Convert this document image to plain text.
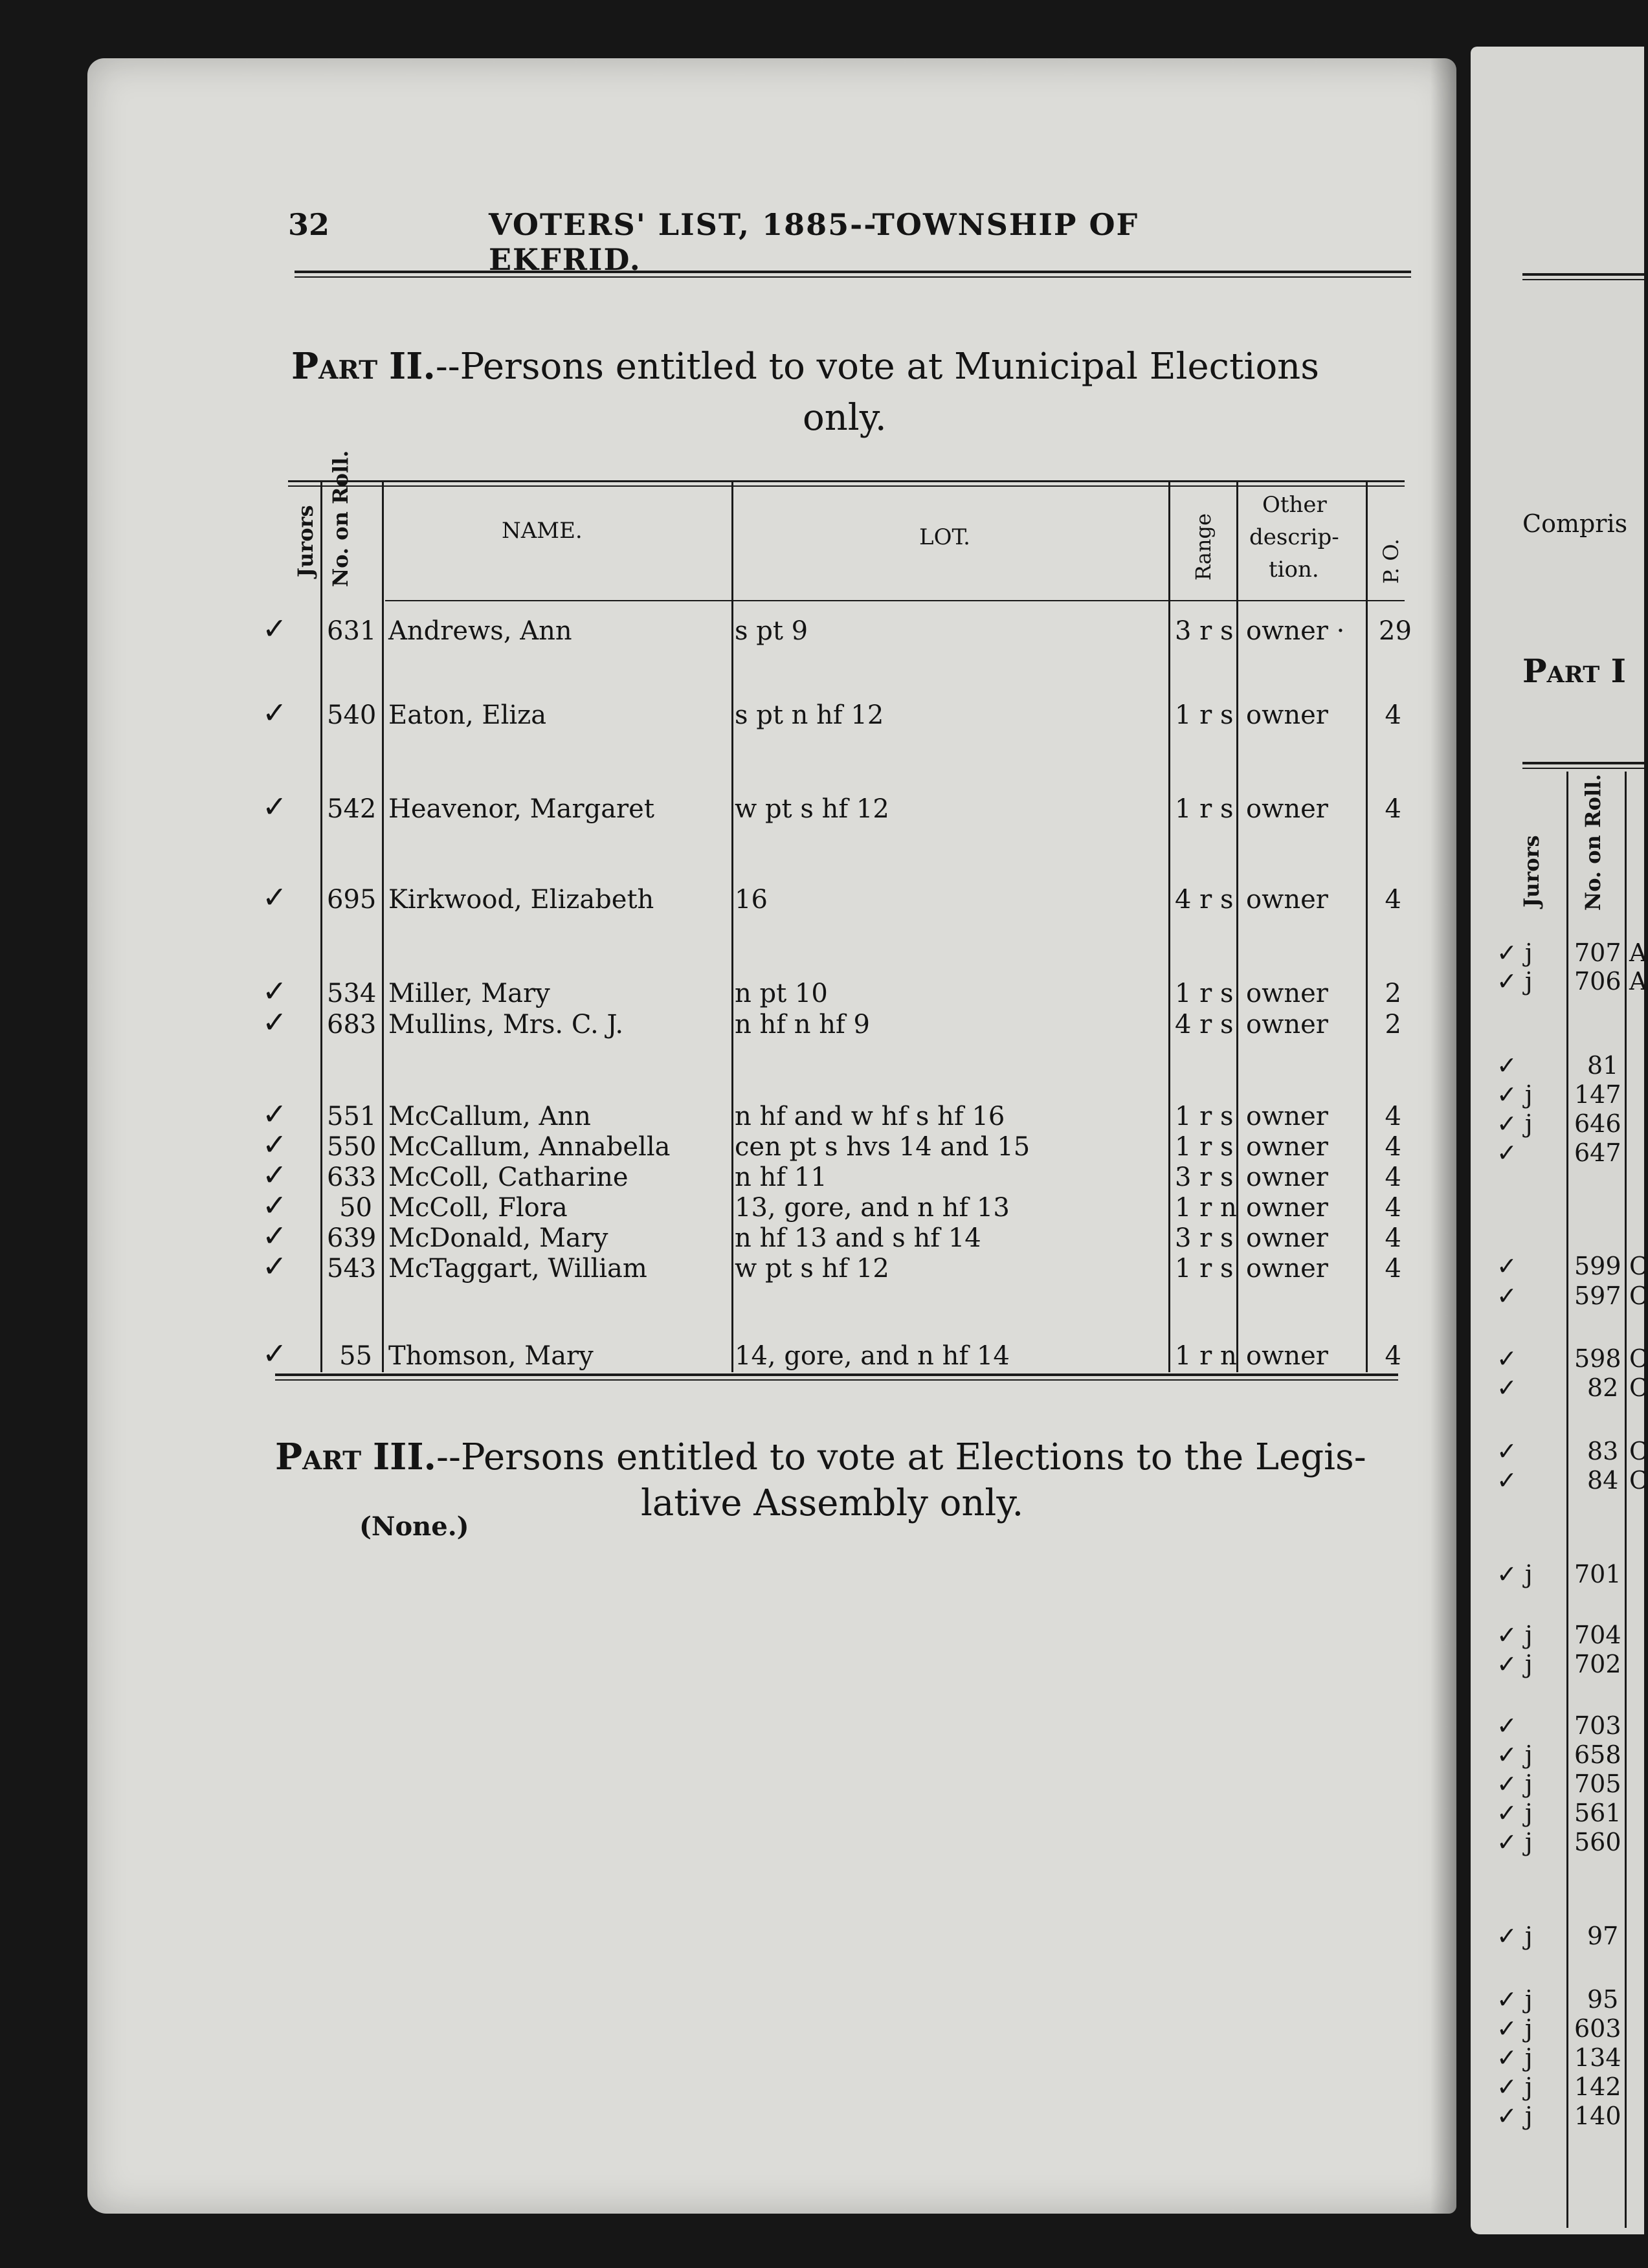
32	VOTERS' LIST, 1885--TOWNSHIP OF EKFRID.
Part II.--Persons entitled to vote at Municipal Elections
only.
Jurors No. on Roll.	NAME.	LOT.	Range
Other
descrip-
tion.	P. O.
✓ 631 Andrews, Ann	s pt 9	3 r s owner · 29
✓ 540 Eaton, Eliza	s pt n hf 12	1 r s owner 4
✓ 542 Heavenor, Margaret	w pt s hf 12	1 r s owner 4
✓ 695 Kirkwood, Elizabeth	16	4 r s owner 4
✓ 534 Miller, Mary	n pt 10	1 r s owner 2
✓ 683 Mullins, Mrs. C. J.	n hf n hf 9	4 r s owner 2
✓ 551 McCallum, Ann	n hf and w hf s hf 16	1 r s owner 4
✓ 550 McCallum, Annabella cen pt s hvs 14 and 15	1 r s owner 4
✓ 633 McColl, Catharine	n hf 11	3 r s owner 4
✓	50 McColl, Flora	13, gore, and n hf 13	1 r n owner 4
✓ 639 McDonald, Mary	n hf 13 and s hf 14	3 r s owner 4
✓ 543 McTaggart, William	w pt s hf 12	1 r s owner 4
✓	55 Thomson, Mary	14, gore, and n hf 14	1 r n owner 4
Part III.--Persons entitled to vote at Elections to the Legis-
lative Assembly only.
(None.)
Compris
Part I
Jurors No. on Roll.
✓ j 707 A
✓ j 706 A
✓	81
✓ j 147
✓ j 646
✓ 647
✓ 599 C
✓ 597 C
✓ 598 C
✓	82 C
✓	83 C
✓	84 C
✓ j 701
✓ j 704
✓ j 702
✓ 703
✓ j 658
✓ j 705
✓ j 561
✓ j 560
✓ j 97
✓ j 95
✓ j 603
✓ j 134
✓ j 142
✓ j 140
